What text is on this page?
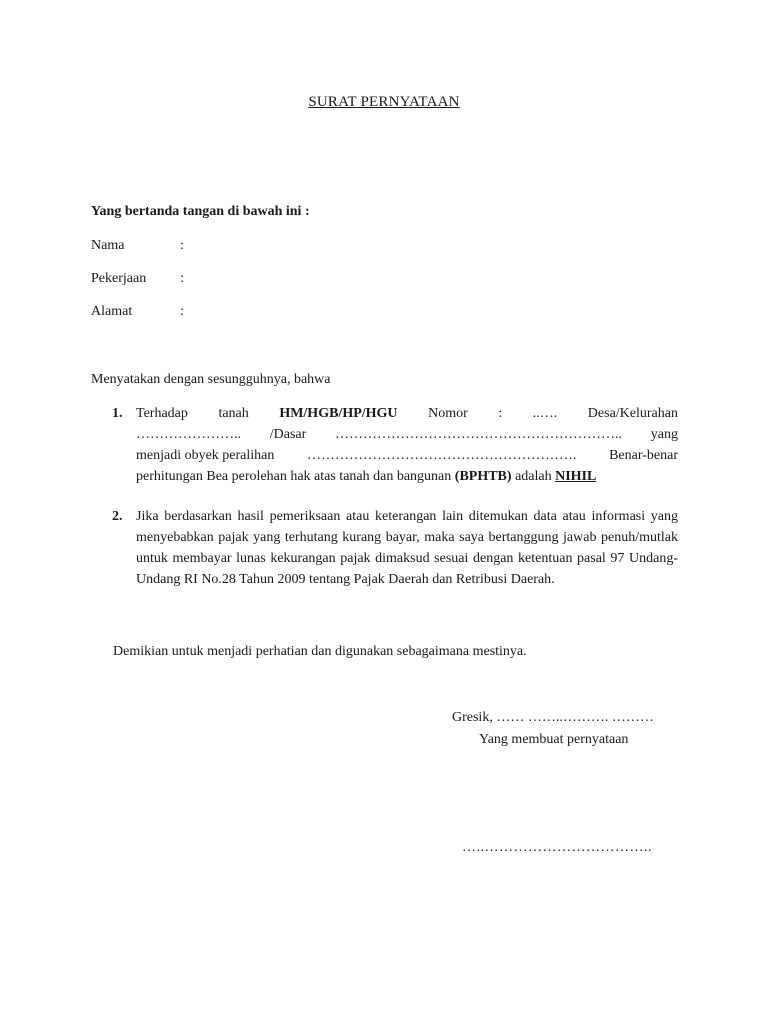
SURAT PERNYATAAN
Yang bertanda tangan di bawah ini :
Nama	:
Pekerjaan :
Alamat	:
Menyatakan dengan sesungguhnya, bahwa
1. Terhadap tanah HM/HGB/HP/HGU Nomor : ..…. Desa/Kelurahan
………………….. /Dasar …………………………………………………….. yang
menjadi obyek peralihan …………………………………………………. Benar-benar
perhitungan Bea perolehan hak atas tanah dan bangunan (BPHTB) adalah NIHIL
2. Jika berdasarkan hasil pemeriksaan atau keterangan lain ditemukan data atau informasi yang menyebabkan pajak yang terhutang kurang bayar, maka saya bertanggung jawab penuh/mutlak untuk membayar lunas kekurangan pajak dimaksud sesuai dengan ketentuan pasal 97 Undang-Undang RI No.28 Tahun 2009 tentang Pajak Daerah dan Retribusi Daerah.
Demikian untuk menjadi perhatian dan digunakan sebagaimana mestinya.
Gresik, …… ……..………. ………
Yang membuat pernyataan
…..……………………………..
